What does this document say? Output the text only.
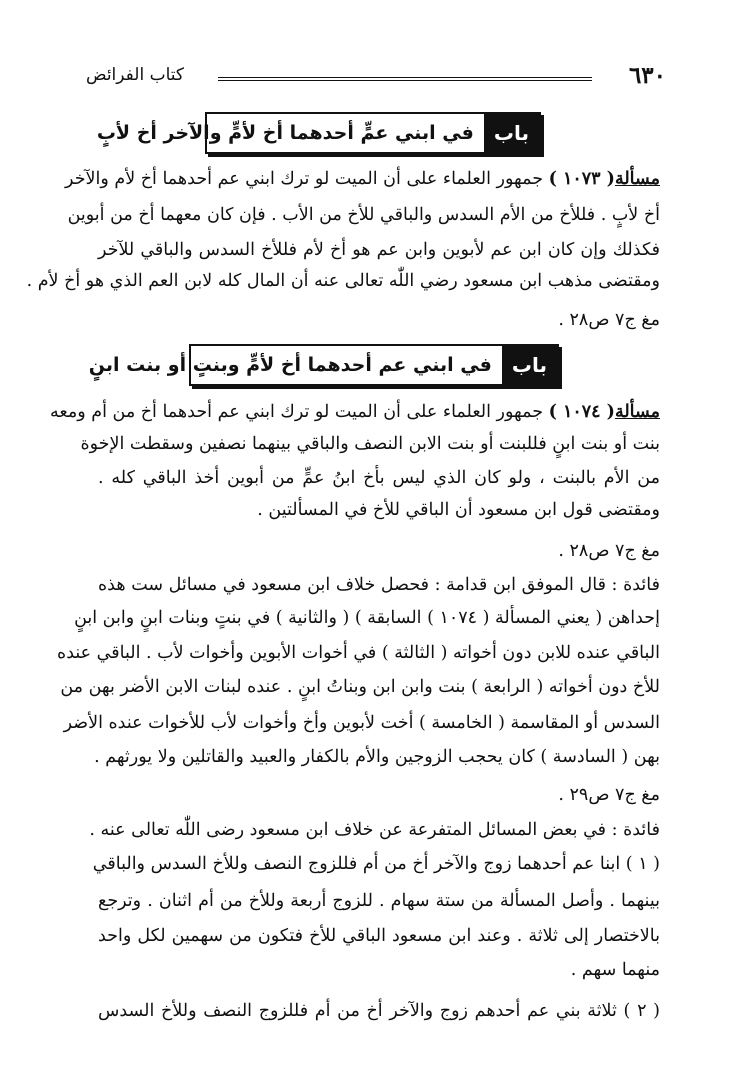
٦٣٠
كتاب الفرائض
باب
في ابني عمٍّ أحدهما أخ لأمٍّ والآخر أخ لأبٍ
مسألة( ١٠٧٣ ) جمهور العلماء على أن الميت لو ترك ابني عم أحدهما أخ لأم والآخر
أخ لأبٍ . فللأخ من الأم السدس والباقي للأخ من الأب . فإن كان معهما أخ من أبوين
فكذلك وإن كان ابن عم لأبوين وابن عم هو أخ لأم فللأخ السدس والباقي للآخر
ومقتضى مذهب ابن مسعود رضي اللّٰه تعالى عنه أن المال كله لابن العم الذي هو أخ لأم .
مغ ج٧ ص٢٨ .
باب
في ابني عم أحدهما أخ لأمٍّ وبنتٍ أو بنت ابنٍ
مسألة( ١٠٧٤ ) جمهور العلماء على أن الميت لو ترك ابني عم أحدهما أخ من أم ومعه
بنت أو بنت ابنٍ فللبنت أو بنت الابن النصف والباقي بينهما نصفين وسقطت الإخوة
من الأم بالبنت ، ولو كان الذي ليس بأخ ابنُ عمٍّ من أبوين أخذ الباقي كله .
ومقتضى قول ابن مسعود أن الباقي للأخ في المسألتين .
مغ ج٧ ص٢٨ .
فائدة : قال الموفق ابن قدامة : فحصل خلاف ابن مسعود في مسائل ست هذه
إحداهن ( يعني المسألة ( ١٠٧٤ ) السابقة ) ( والثانية ) في بنتٍ وبنات ابنٍ وابن ابنٍ
الباقي عنده للابن دون أخواته ( الثالثة ) في أخوات الأبوين وأخوات لأب . الباقي عنده
للأخ دون أخواته ( الرابعة ) بنت وابن ابن وبناتُ ابنٍ . عنده لبنات الابن الأضر بهن من
السدس أو المقاسمة ( الخامسة ) أخت لأبوين وأخ وأخوات لأب للأخوات عنده الأضر
بهن ( السادسة ) كان يحجب الزوجين والأم بالكفار والعبيد والقاتلين ولا يورثهم .
مغ ج٧ ص٢٩ .
فائدة : في بعض المسائل المتفرعة عن خلاف ابن مسعود رضى اللّٰه تعالى عنه .
( ١ ) ابنا عم أحدهما زوج والآخر أخ من أم فللزوج النصف وللأخ السدس والباقي
بينهما . وأصل المسألة من ستة سهام . للزوج أربعة وللأخ من أم اثنان . وترجع
بالاختصار إلى ثلاثة . وعند ابن مسعود الباقي للأخ فتكون من سهمين لكل واحد
منهما سهم .
( ٢ ) ثلاثة بني عم أحدهم زوج والآخر أخ من أم فللزوج النصف وللأخ السدس
